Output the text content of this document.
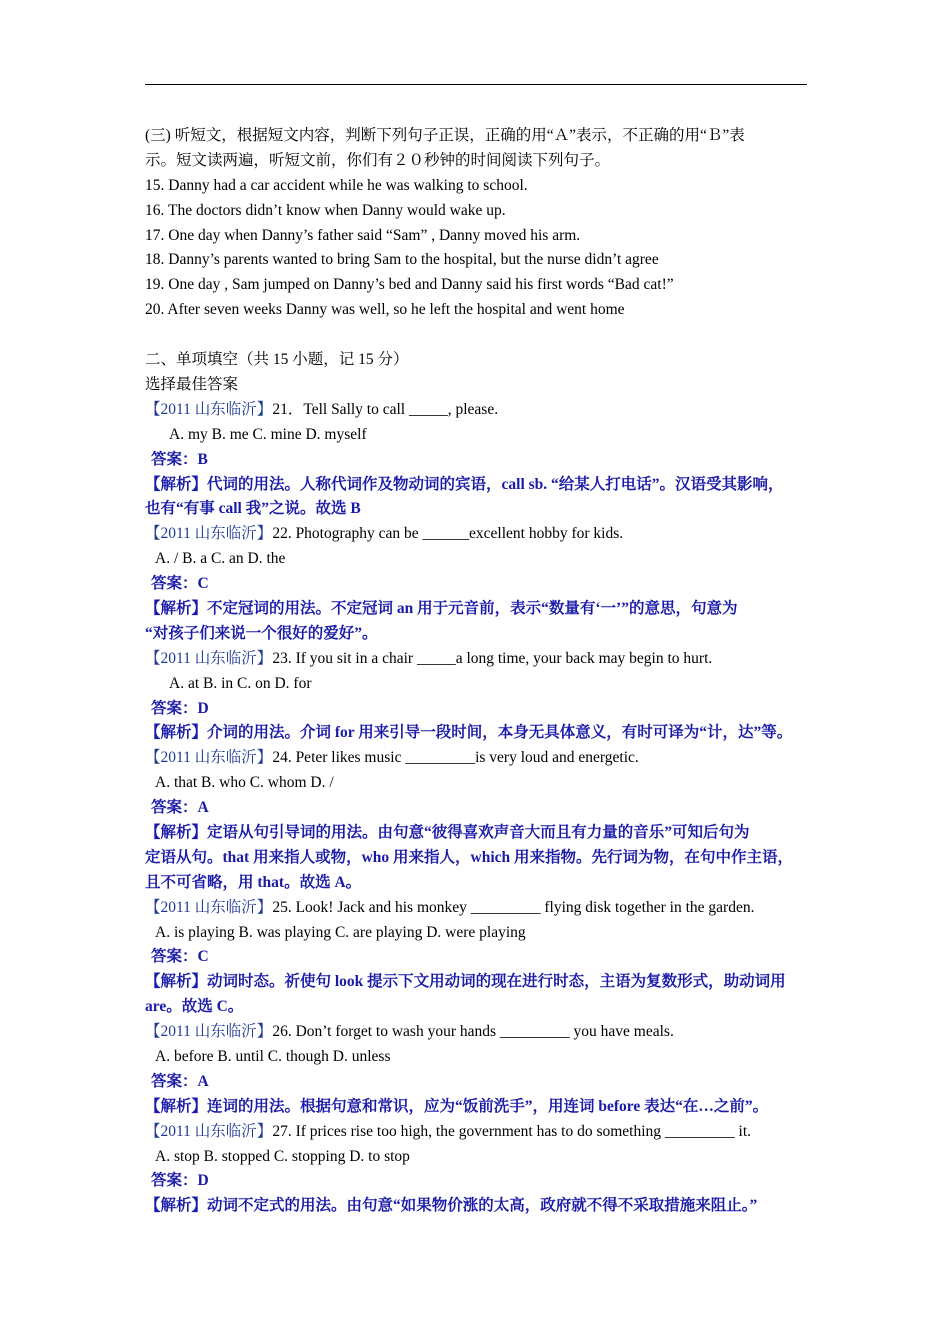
(三) 听短文，根据短文内容，判断下列句子正误，正确的用“Ａ”表示，不正确的用“Ｂ”表
示。短文读两遍，听短文前，你们有２０秒钟的时间阅读下列句子。
15. Danny had a car accident while he was walking to school.
16. The doctors didn’t know when Danny would wake up.
17. One day when Danny’s father said “Sam” , Danny moved his arm.
18. Danny’s parents wanted to bring Sam to the hospital, but the nurse didn’t agree
19. One day , Sam jumped on Danny’s bed and Danny said his first words “Bad cat!”
20. After seven weeks Danny was well, so he left the hospital and went home
二、单项填空（共 15 小题，记 15 分）
选择最佳答案
【2011 山东临沂】21．Tell Sally to call _____, please.
A. my B. me C. mine D. myself
答案：B
【解析】代词的用法。人称代词作及物动词的宾语，call sb. “给某人打电话”。汉语受其影响，
也有“有事 call 我”之说。故选 B
【2011 山东临沂】22. Photography can be ______excellent hobby for kids.
A. / B. a C. an D. the
答案：C
【解析】不定冠词的用法。不定冠词 an 用于元音前，表示“数量有‘一’”的意思，句意为
“对孩子们来说一个很好的爱好”。
【2011 山东临沂】23. If you sit in a chair _____a long time, your back may begin to hurt.
A. at B. in C. on D. for
答案：D
【解析】介词的用法。介词 for 用来引导一段时间，本身无具体意义，有时可译为“计，达”等。
【2011 山东临沂】24. Peter likes music _________is very loud and energetic.
A. that B. who C. whom D. /
答案：A
【解析】定语从句引导词的用法。由句意“彼得喜欢声音大而且有力量的音乐”可知后句为
定语从句。that 用来指人或物，who 用来指人，which 用来指物。先行词为物，在句中作主语，
且不可省略，用 that。故选 A。
【2011 山东临沂】25. Look! Jack and his monkey _________ flying disk together in the garden.
A. is playing B. was playing C. are playing D. were playing
答案：C
【解析】动词时态。祈使句 look 提示下文用动词的现在进行时态，主语为复数形式，助动词用
are。故选 C。
【2011 山东临沂】26. Don’t forget to wash your hands _________ you have meals.
A. before B. until C. though D. unless
答案：A
【解析】连词的用法。根据句意和常识，应为“饭前洗手”，用连词 before 表达“在…之前”。
【2011 山东临沂】27. If prices rise too high, the government has to do something _________ it.
A. stop B. stopped C. stopping D. to stop
答案：D
【解析】动词不定式的用法。由句意“如果物价涨的太高，政府就不得不采取措施来阻止。”
